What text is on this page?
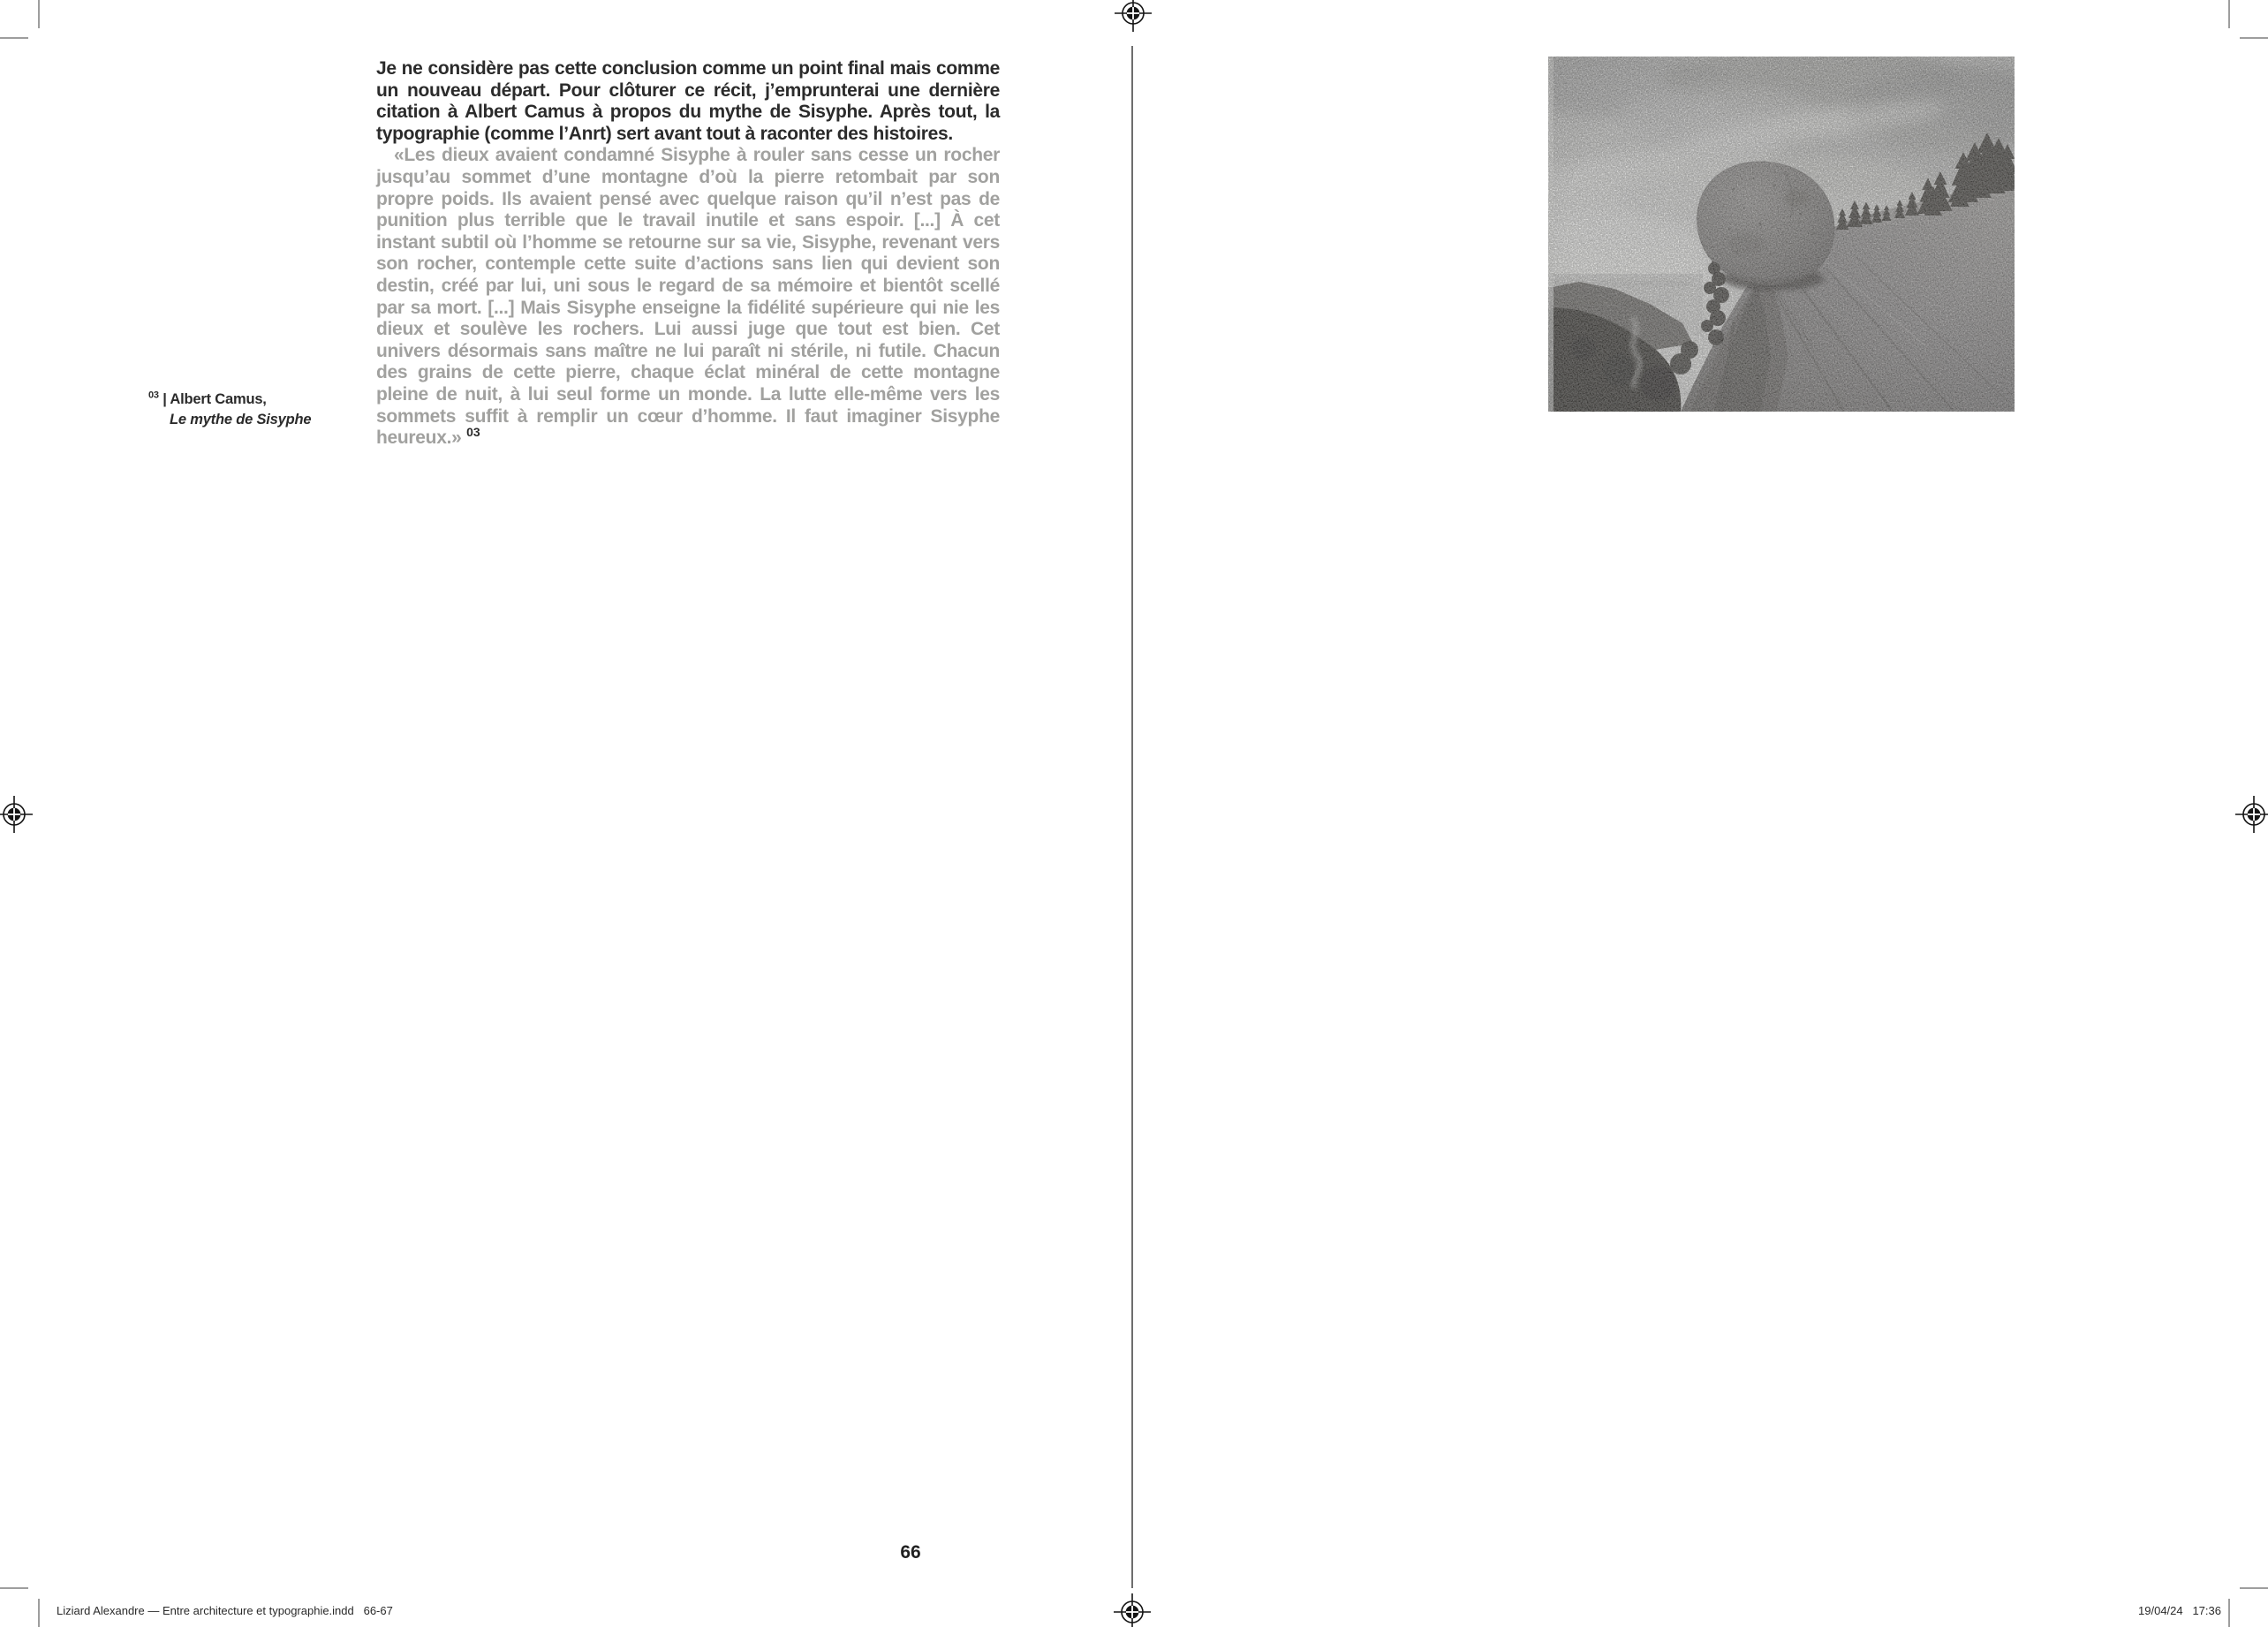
Je ne considère pas cette conclusion comme un point final mais comme un nouveau départ. Pour clôturer ce récit, j’emprunterai une dernière citation à Albert Camus à propos du mythe de Sisyphe. Après tout, la typographie (comme l’Anrt) sert avant tout à raconter des histoires.

«Les dieux avaient condamné Sisyphe à rouler sans cesse un rocher jusqu’au sommet d’une montagne d’où la pierre retombait par son propre poids. Ils avaient pensé avec quelque raison qu’il n’est pas de punition plus terrible que le travail inutile et sans espoir. [...] À cet instant subtil où l’homme se retourne sur sa vie, Sisyphe, revenant vers son rocher, contemple cette suite d’actions sans lien qui devient son destin, créé par lui, uni sous le regard de sa mémoire et bientôt scellé par sa mort. [...] Mais Sisyphe enseigne la fidélité supérieure qui nie les dieux et soulève les rochers. Lui aussi juge que tout est bien. Cet univers désormais sans maître ne lui paraît ni stérile, ni futile. Chacun des grains de cette pierre, chaque éclat minéral de cette montagne pleine de nuit, à lui seul forme un monde. La lutte elle-même vers les sommets suffit à remplir un cœur d’homme. Il faut imaginer Sisyphe heureux.» $^{03}$

$^{03}$ | Albert Camus,
Le mythe de Sisyphe
66
Liziard Alexandre — Entre architecture et typographie.indd   66-67	19/04/24   17:36
